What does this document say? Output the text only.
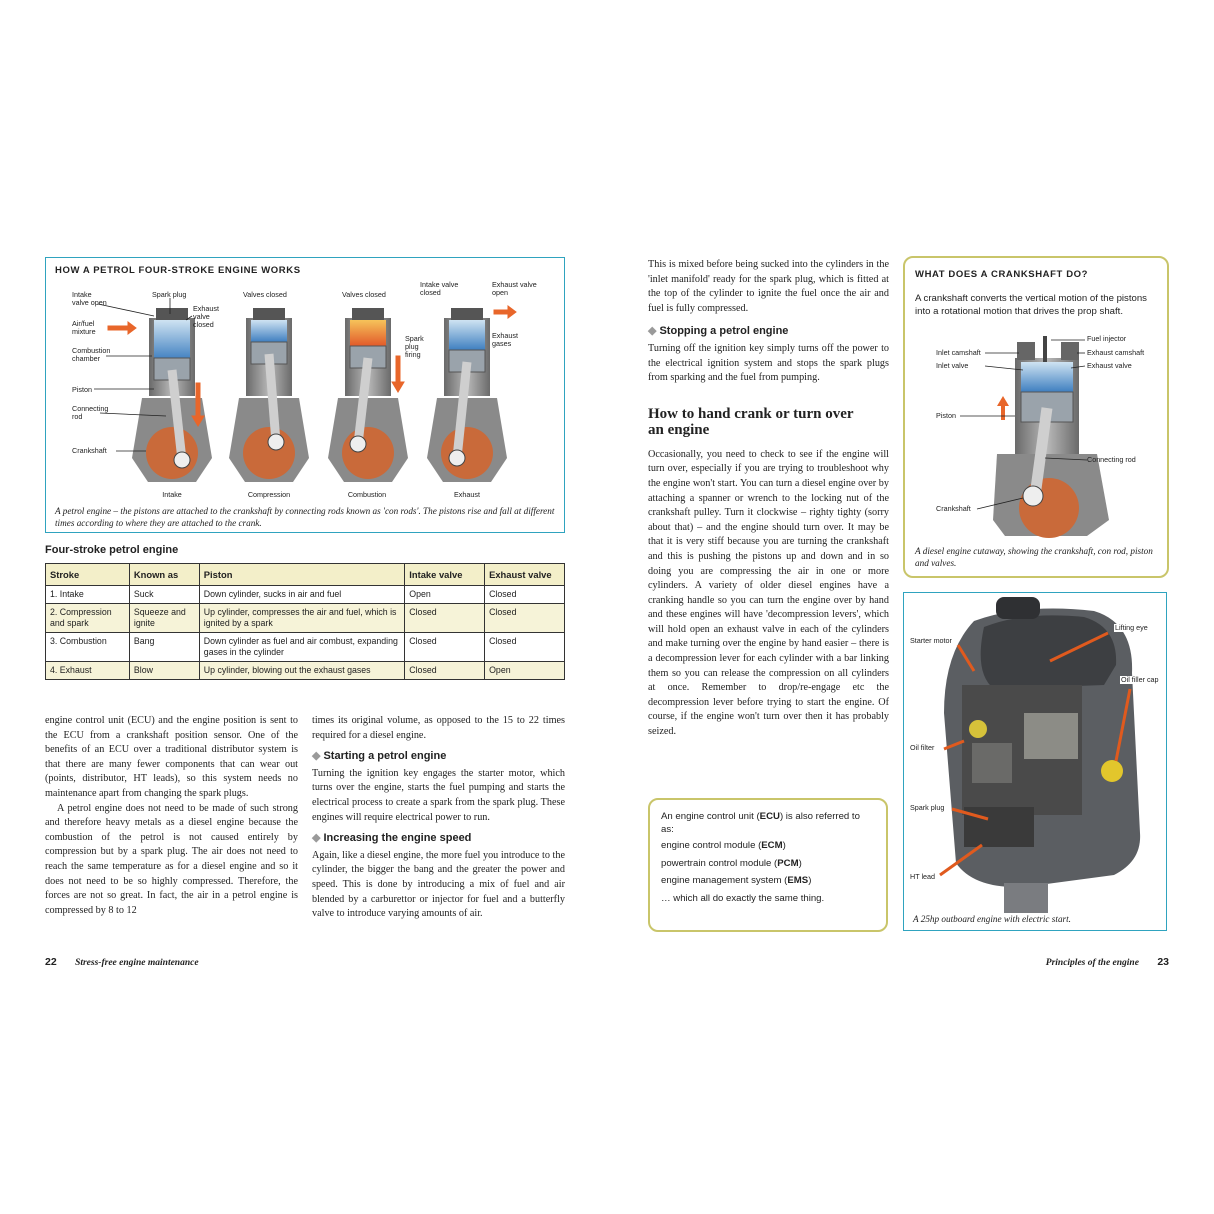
HOW A PETROL FOUR-STROKE ENGINE WORKS
Intake valve open
Air/fuel mixture
Combustion chamber
Piston
Connecting rod
Crankshaft
Spark plug
Exhaust valve closed
Valves closed	Valves closed
Spark plug firing
Intake valve closed
Exhaust valve open
Exhaust gases
Intake	Compression	Combustion	Exhaust
A petrol engine – the pistons are attached to the crankshaft by connecting rods known as 'con rods'. The pistons rise and fall at different times according to where they are attached to the crank.
Four-stroke petrol engine
Stroke	Known as	Piston	Intake valve	Exhaust valve
1. Intake	Suck	Down cylinder, sucks in air and fuel	Open	Closed
2. Compression and spark	Squeeze and ignite	Up cylinder, compresses the air and fuel, which is ignited by a spark	Closed	Closed
3. Combustion	Bang	Down cylinder as fuel and air combust, expanding gases in the cylinder	Closed	Closed
4. Exhaust	Blow	Up cylinder, blowing out the exhaust gases	Closed	Open

engine control unit (ECU) and the engine position is sent to the ECU from a crankshaft position sensor. One of the benefits of an ECU over a traditional distributor system is that there are many fewer components that can wear out (points, distributor, HT leads), so this system needs no maintenance apart from changing the spark plugs.

A petrol engine does not need to be made of such strong and therefore heavy metals as a diesel engine because the combustion of the petrol is not caused entirely by compression but by a spark plug. The air does not need to reach the same temperature as for a diesel engine and so it does not need to be so highly compressed. Therefore, the forces are not so great. In fact, the air in a petrol engine is compressed by 8 to 12

times its original volume, as opposed to the 15 to 22 times required for a diesel engine.

◆ Starting a petrol engine

Turning the ignition key engages the starter motor, which turns over the engine, starts the fuel pumping and starts the electrical process to create a spark from the spark plug. These engines will require electrical power to run.

◆ Increasing the engine speed

Again, like a diesel engine, the more fuel you introduce to the cylinder, the bigger the bang and the greater the power and speed. This is done by introducing a mix of fuel and air blended by a carburettor or injector for fuel and a butterfly valve to introduce varying amounts of air.

This is mixed before being sucked into the cylinders in the 'inlet manifold' ready for the spark plug, which is fitted at the top of the cylinder to ignite the fuel once the air and fuel is fully compressed.

◆ Stopping a petrol engine

Turning off the ignition key simply turns off the power to the electrical ignition system and stops the spark plugs from sparking and the fuel from pumping.

How to hand crank or turn over an engine

Occasionally, you need to check to see if the engine will turn over, especially if you are trying to troubleshoot why the engine won't start. You can turn a diesel engine over by attaching a spanner or wrench to the locking nut of the crankshaft pulley. Turn it clockwise – righty tighty (sorry about that) – and the engine should turn over. It may be that it is very stiff because you are turning the crankshaft and this is pushing the pistons up and down and in so doing you are compressing the air in one or more cylinders. A variety of older diesel engines have a cranking handle so you can turn the engine over by hand and these engines will have 'decompression levers', which will hold open an exhaust valve in each of the cylinders and make turning over the engine by hand easier – there is a decompression lever for each cylinder with a bar linking them so you can release the compression on all cylinders at once. Remember to drop/re-engage etc the decompression lever before trying to start the engine. Of course, if the engine won't turn over then it has probably seized.

An engine control unit (ECU) is also referred to as:
engine control module (ECM)
powertrain control module (PCM)
engine management system (EMS)
… which all do exactly the same thing.
WHAT DOES A CRANKSHAFT DO?
A crankshaft converts the vertical motion of the pistons into a rotational motion that drives the prop shaft.
Fuel injector
Inlet camshaft	Exhaust camshaft
Inlet valve	Exhaust valve
Piston
Connecting rod
Crankshaft
A diesel engine cutaway, showing the crankshaft, con rod, piston and valves.
Starter motor
Lifting eye
Oil filler cap
Oil filter
Spark plug
HT lead
A 25hp outboard engine with electric start.
22 Stress-free engine maintenance	Principles of the engine 23
